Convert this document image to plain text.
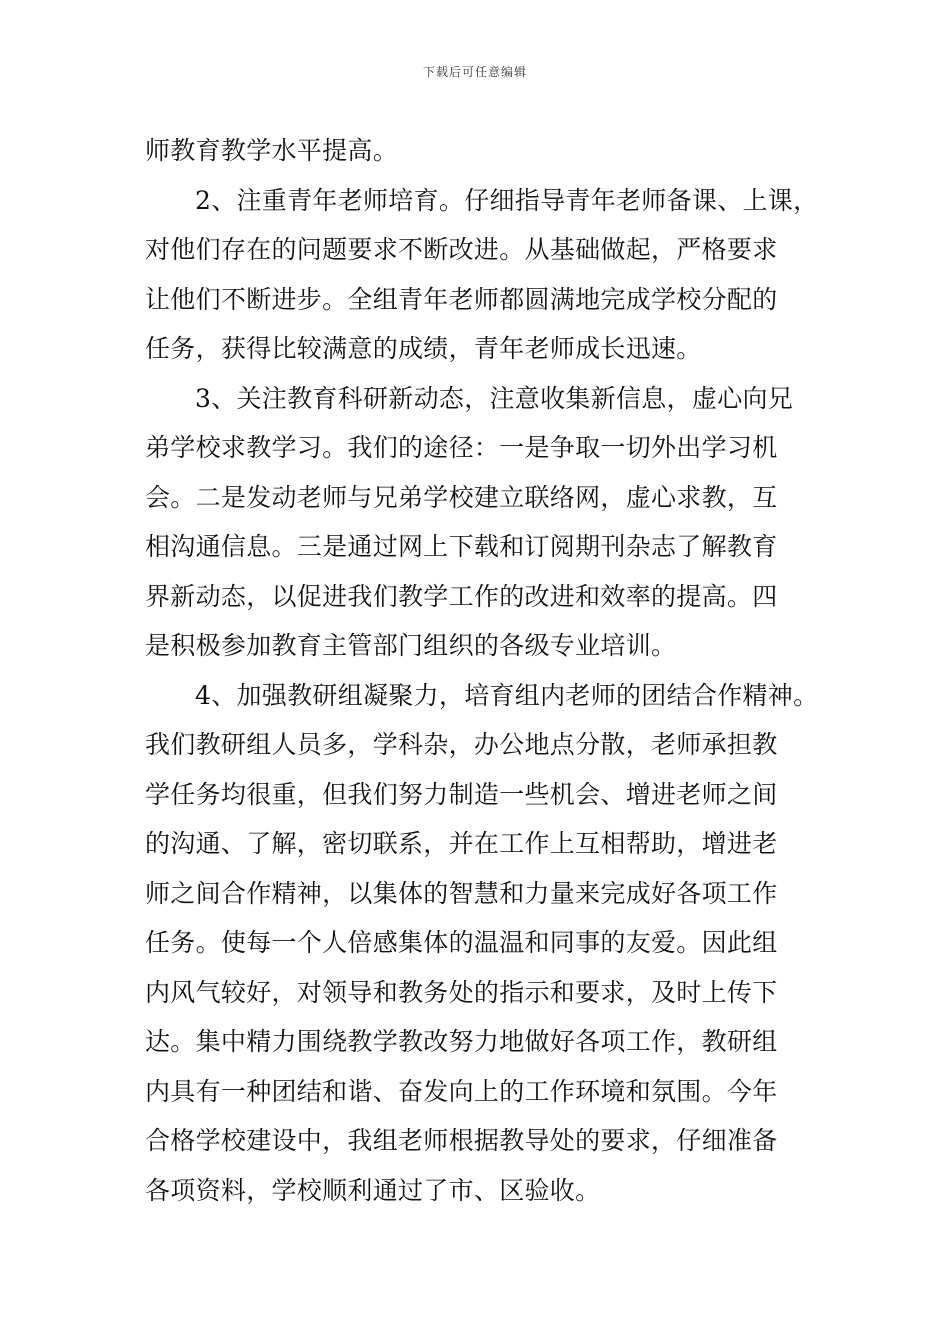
下载后可任意编辑
师教育教学水平提高。
2、注重青年老师培育。仔细指导青年老师备课、上课，
对他们存在的问题要求不断改进。从基础做起，严格要求
让他们不断进步。全组青年老师都圆满地完成学校分配的
任务，获得比较满意的成绩，青年老师成长迅速。
3、关注教育科研新动态，注意收集新信息，虚心向兄
弟学校求教学习。我们的途径：一是争取一切外出学习机
会。二是发动老师与兄弟学校建立联络网，虚心求教，互
相沟通信息。三是通过网上下载和订阅期刊杂志了解教育
界新动态，以促进我们教学工作的改进和效率的提高。四
是积极参加教育主管部门组织的各级专业培训。
4、加强教研组凝聚力，培育组内老师的团结合作精神。
我们教研组人员多，学科杂，办公地点分散，老师承担教
学任务均很重，但我们努力制造一些机会、增进老师之间
的沟通、了解，密切联系，并在工作上互相帮助，增进老
师之间合作精神，以集体的智慧和力量来完成好各项工作
任务。使每一个人倍感集体的温温和同事的友爱。因此组
内风气较好，对领导和教务处的指示和要求，及时上传下
达。集中精力围绕教学教改努力地做好各项工作，教研组
内具有一种团结和谐、奋发向上的工作环境和氛围。今年
合格学校建设中，我组老师根据教导处的要求，仔细准备
各项资料，学校顺利通过了市、区验收。
